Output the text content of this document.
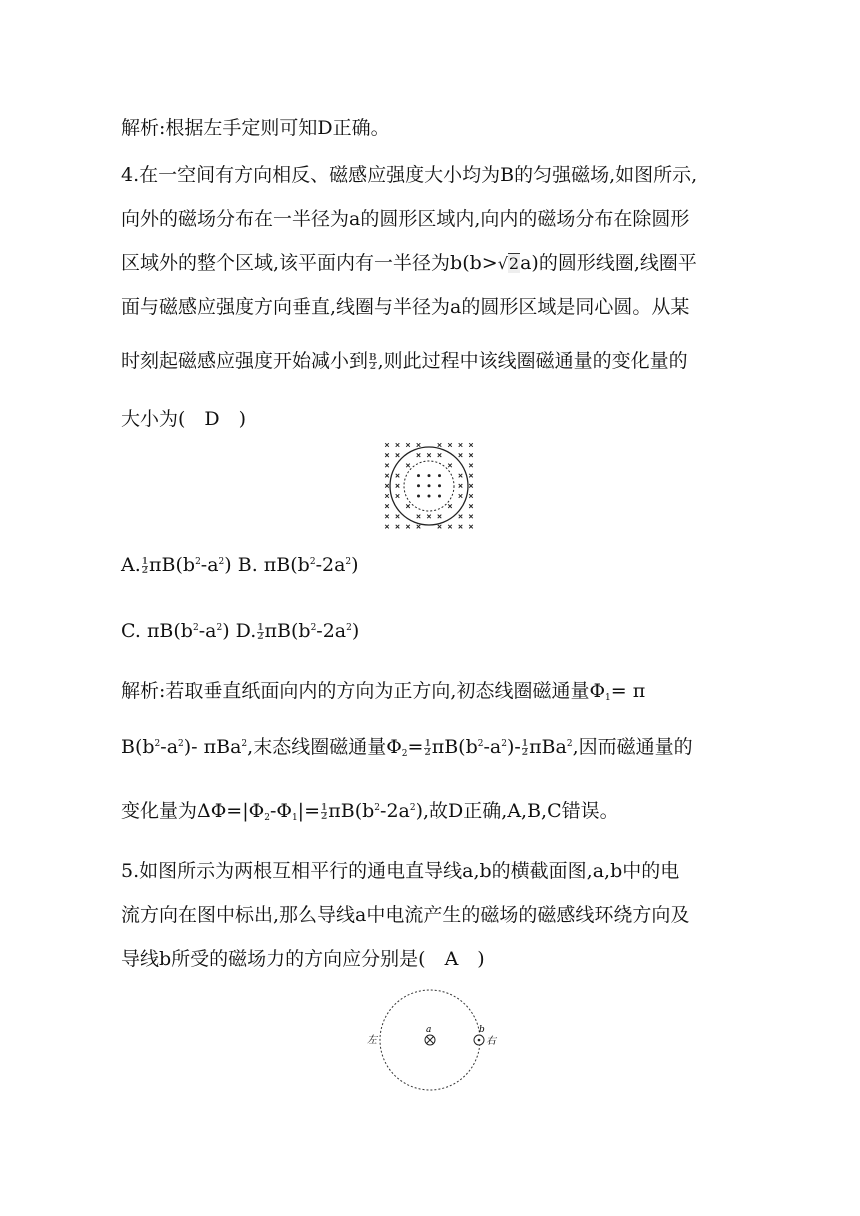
解析:根据左手定则可知D正确。
4.在一空间有方向相反、磁感应强度大小均为B的匀强磁场,如图所示,
向外的磁场分布在一半径为a的圆形区域内,向内的磁场分布在除圆形
区域外的整个区域,该平面内有一半径为b(b>√2a)的圆形线圈,线圈平
面与磁感应强度方向垂直,线圈与半径为a的圆形区域是同心圆。从某
时刻起磁感应强度开始减小到 $\frac{B}{2}$ ,则此过程中该线圈磁通量的变化量的
大小为(　D　)
A. $\frac{1}{2} \pi B(b^2-a^2)$ B. $\pi B(b^2-2a^2)$
C. $\pi B(b^2-a^2)$ D. $\frac{1}{2} \pi B(b^2-2a^2)$
解析:若取垂直纸面向内的方向为正方向,初态线圈磁通量$\Phi_1= \pi$
$B(b^2-a^2)-$ πBa$^2$,末态线圈磁通量$\Phi_2= \frac{1}{2} \pi B(b^2-a^2)- \frac{1}{2} \pi Ba^2$,因而磁通量的
变化量为$\Delta\Phi=|\Phi_2-\Phi_1|= \frac{1}{2} \pi B(b^2-2a^2)$,故D正确,A,B,C错误。
5.如图所示为两根互相平行的通电直导线a,b的横截面图,a,b中的电
流方向在图中标出,那么导线a中电流产生的磁场的磁感线环绕方向及
导线b所受的磁场力的方向应分别是(　A　)
左
a	b
右
